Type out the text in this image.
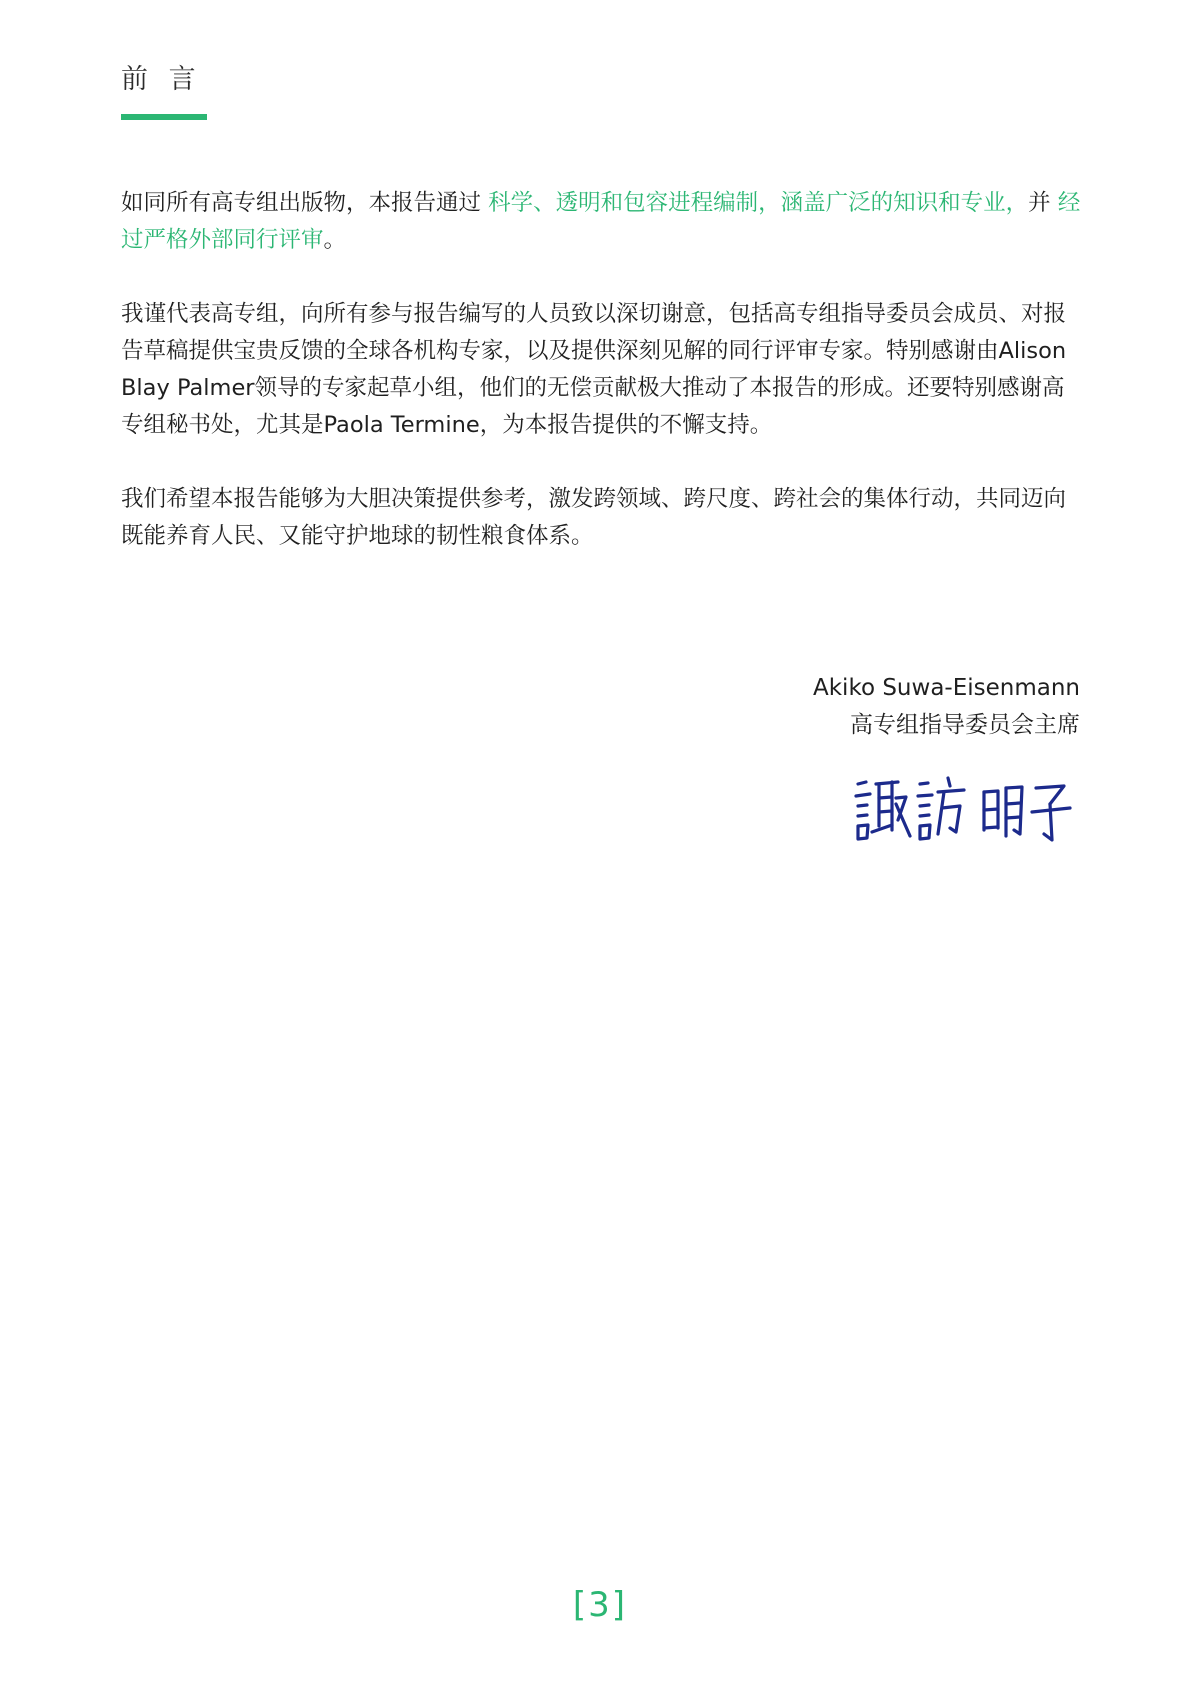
前 言

如同所有高专组出版物，本报告通过 科学、透明和包容进程编制，涵盖广泛的知识和专业，并 经过严格外部同行评审。

我谨代表高专组，向所有参与报告编写的人员致以深切谢意，包括高专组指导委员会成员、对报告草稿提供宝贵反馈的全球各机构专家，以及提供深刻见解的同行评审专家。特别感谢由Alison Blay Palmer领导的专家起草小组，他们的无偿贡献极大推动了本报告的形成。还要特别感谢高专组秘书处，尤其是Paola Termine，为本报告提供的不懈支持。

我们希望本报告能够为大胆决策提供参考，激发跨领域、跨尺度、跨社会的集体行动，共同迈向既能养育人民、又能守护地球的韧性粮食体系。

Akiko Suwa-Eisenmann
高专组指导委员会主席
[3]
